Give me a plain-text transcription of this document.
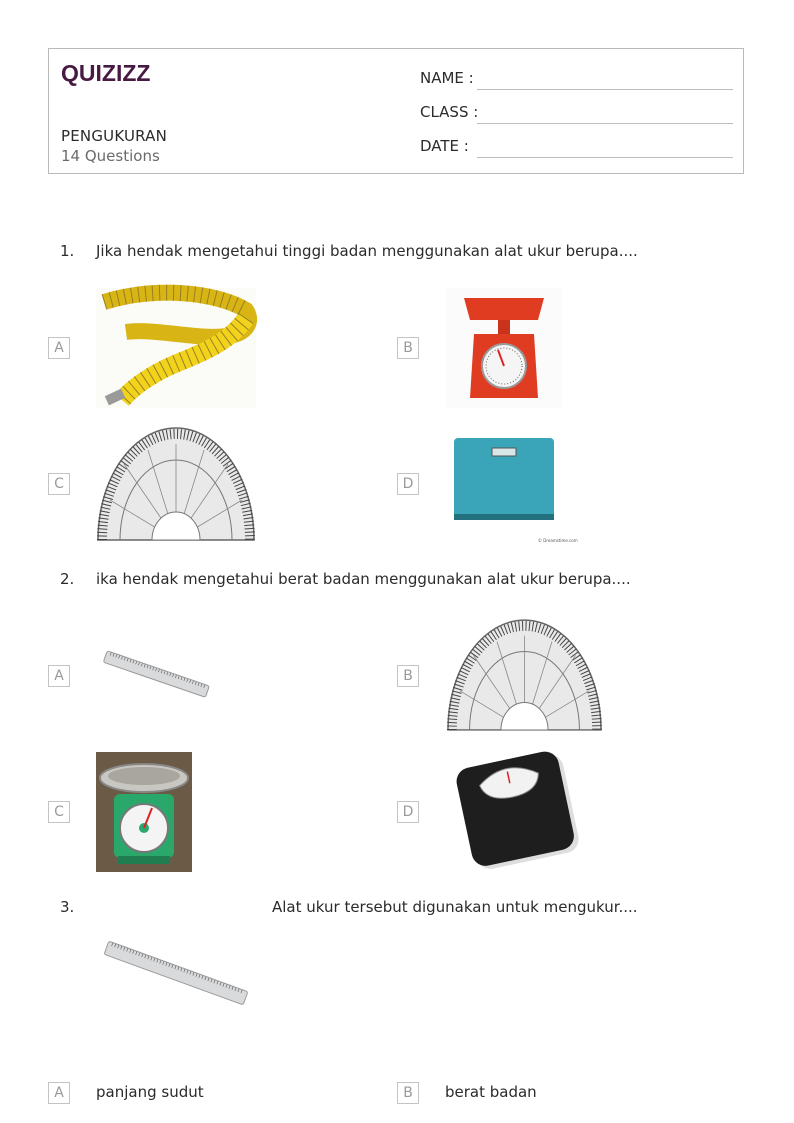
QUIZIZZ
PENGUKURAN
14 Questions
NAME :
CLASS :
DATE :
1. Jika hendak mengetahui tinggi badan menggunakan alat ukur berupa....
A	B
C	D
© Dreamstime.com
2. ika hendak mengetahui berat badan menggunakan alat ukur berupa....
A	B
C	D
3.	Alat ukur tersebut digunakan untuk mengukur....
A	panjang sudut	B	berat badan
